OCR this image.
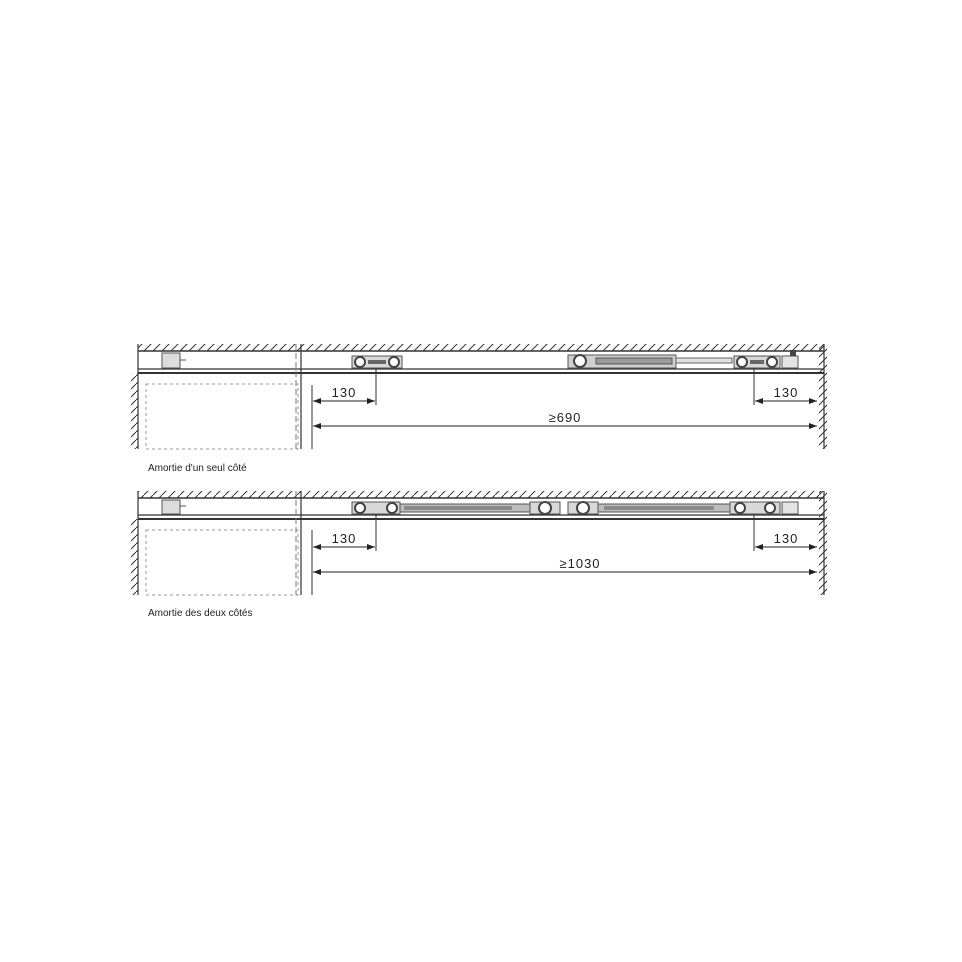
130	130
≥690
Amortie d'un seul côté
130	130
≥1030
Amortie des deux côtés
